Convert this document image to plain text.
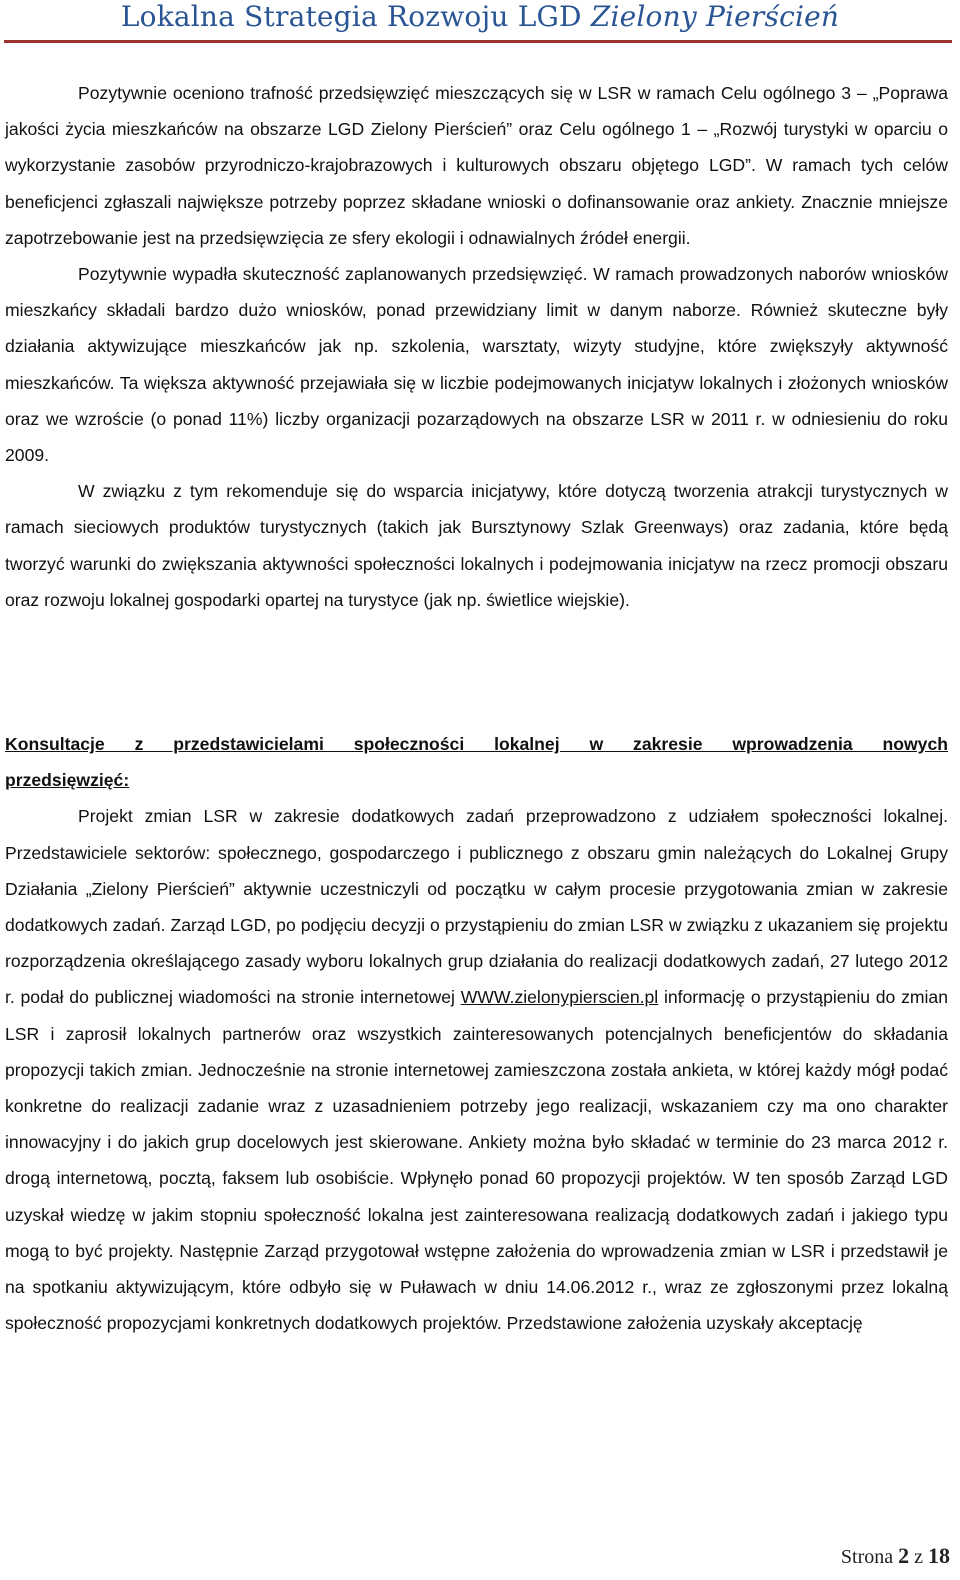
Lokalna Strategia Rozwoju LGD Zielony Pierścień

Pozytywnie oceniono trafność przedsięwzięć mieszczących się w LSR w ramach Celu ogólnego 3 – „Poprawa jakości życia mieszkańców na obszarze LGD Zielony Pierścień” oraz Celu ogólnego 1 – „Rozwój turystyki w oparciu o wykorzystanie zasobów przyrodniczo-krajobrazowych i kulturowych obszaru objętego LGD”. W ramach tych celów beneficjenci zgłaszali największe potrzeby poprzez składane wnioski o dofinansowanie oraz ankiety. Znacznie mniejsze zapotrzebowanie jest na przedsięwzięcia ze sfery ekologii i odnawialnych źródeł energii.

Pozytywnie wypadła skuteczność zaplanowanych przedsięwzięć. W ramach prowadzonych naborów wniosków mieszkańcy składali bardzo dużo wniosków, ponad przewidziany limit w danym naborze. Również skuteczne były działania aktywizujące mieszkańców jak np. szkolenia, warsztaty, wizyty studyjne, które zwiększyły aktywność mieszkańców. Ta większa aktywność przejawiała się w liczbie podejmowanych inicjatyw lokalnych i złożonych wniosków oraz we wzroście (o ponad 11%) liczby organizacji pozarządowych na obszarze LSR w 2011 r. w odniesieniu do roku 2009.

W związku z tym rekomenduje się do wsparcia inicjatywy, które dotyczą tworzenia atrakcji turystycznych w ramach sieciowych produktów turystycznych (takich jak Bursztynowy Szlak Greenways) oraz zadania, które będą tworzyć warunki do zwiększania aktywności społeczności lokalnych i podejmowania inicjatyw na rzecz promocji obszaru oraz rozwoju lokalnej gospodarki opartej na turystyce (jak np. świetlice wiejskie).

Konsultacje z przedstawicielami społeczności lokalnej w zakresie wprowadzenia nowych
przedsięwzięć:

Projekt zmian LSR w zakresie dodatkowych zadań przeprowadzono z udziałem społeczności lokalnej. Przedstawiciele sektorów: społecznego, gospodarczego i publicznego z obszaru gmin należących do Lokalnej Grupy Działania „Zielony Pierścień” aktywnie uczestniczyli od początku w całym procesie przygotowania zmian w zakresie dodatkowych zadań. Zarząd LGD, po podjęciu decyzji o przystąpieniu do zmian LSR w związku z ukazaniem się projektu rozporządzenia określającego zasady wyboru lokalnych grup działania do realizacji dodatkowych zadań, 27 lutego 2012 r. podał do publicznej wiadomości na stronie internetowej WWW.zielonypierscien.pl informację o przystąpieniu do zmian LSR i zaprosił lokalnych partnerów oraz wszystkich zainteresowanych potencjalnych beneficjentów do składania propozycji takich zmian. Jednocześnie na stronie internetowej zamieszczona została ankieta, w której każdy mógł podać konkretne do realizacji zadanie wraz z uzasadnieniem potrzeby jego realizacji, wskazaniem czy ma ono charakter innowacyjny i do jakich grup docelowych jest skierowane. Ankiety można było składać w terminie do 23 marca 2012 r. drogą internetową, pocztą, faksem lub osobiście. Wpłynęło ponad 60 propozycji projektów. W ten sposób Zarząd LGD uzyskał wiedzę w jakim stopniu społeczność lokalna jest zainteresowana realizacją dodatkowych zadań i jakiego typu mogą to być projekty. Następnie Zarząd przygotował wstępne założenia do wprowadzenia zmian w LSR i przedstawił je na spotkaniu aktywizującym, które odbyło się w Puławach w dniu 14.06.2012 r., wraz ze zgłoszonymi przez lokalną społeczność propozycjami konkretnych dodatkowych projektów. Przedstawione założenia uzyskały akceptację

Strona 2 z 18
